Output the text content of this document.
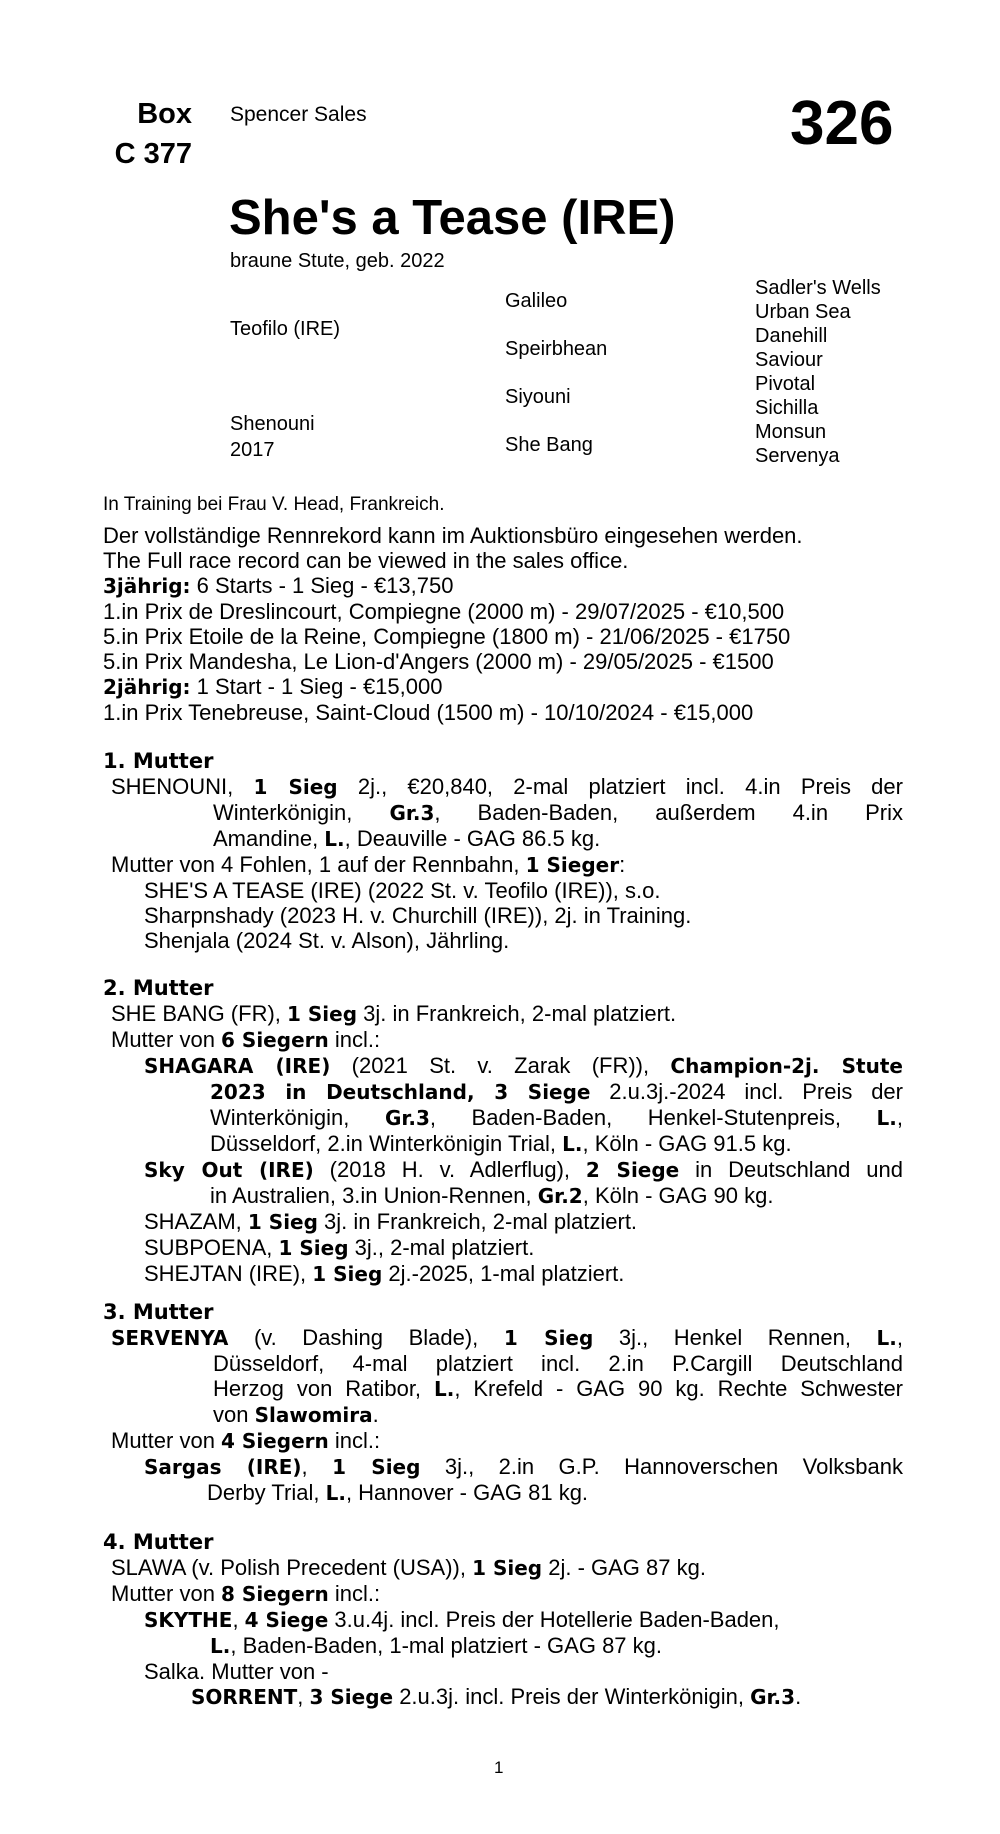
Box
C 377
Spencer Sales	326
She's a Tease (IRE)
braune Stute, geb. 2022
Teofilo (IRE)
Shenouni
2017
Galileo
Speirbhean
Siyouni
She Bang
Sadler's Wells
Urban Sea
Danehill
Saviour
Pivotal
Sichilla
Monsun
Servenya
In Training bei Frau V. Head, Frankreich.
Der vollständige Rennrekord kann im Auktionsbüro eingesehen werden.
The Full race record can be viewed in the sales office.
3jährig: 6 Starts - 1 Sieg - €13,750
1.in Prix de Dreslincourt, Compiegne (2000 m) - 29/07/2025 - €10,500
5.in Prix Etoile de la Reine, Compiegne (1800 m) - 21/06/2025 - €1750
5.in Prix Mandesha, Le Lion-d'Angers (2000 m) - 29/05/2025 - €1500
2jährig: 1 Start - 1 Sieg - €15,000
1.in Prix Tenebreuse, Saint-Cloud (1500 m) - 10/10/2024 - €15,000
1. Mutter
SHENOUNI, 1 Sieg 2j., €20,840, 2-mal platziert incl. 4.in Preis der
Winterkönigin, Gr.3, Baden-Baden, außerdem 4.in Prix
Amandine, L., Deauville - GAG 86.5 kg.
Mutter von 4 Fohlen, 1 auf der Rennbahn, 1 Sieger:
SHE'S A TEASE (IRE) (2022 St. v. Teofilo (IRE)), s.o.
Sharpnshady (2023 H. v. Churchill (IRE)), 2j. in Training.
Shenjala (2024 St. v. Alson), Jährling.
2. Mutter
SHE BANG (FR), 1 Sieg 3j. in Frankreich, 2-mal platziert.
Mutter von 6 Siegern incl.:
SHAGARA (IRE) (2021 St. v. Zarak (FR)), Champion-2j. Stute
2023 in Deutschland, 3 Siege 2.u.3j.-2024 incl. Preis der
Winterkönigin, Gr.3, Baden-Baden, Henkel-Stutenpreis, L.,
Düsseldorf, 2.in Winterkönigin Trial, L., Köln - GAG 91.5 kg.
Sky Out (IRE) (2018 H. v. Adlerflug), 2 Siege in Deutschland und
in Australien, 3.in Union-Rennen, Gr.2, Köln - GAG 90 kg.
SHAZAM, 1 Sieg 3j. in Frankreich, 2-mal platziert.
SUBPOENA, 1 Sieg 3j., 2-mal platziert.
SHEJTAN (IRE), 1 Sieg 2j.-2025, 1-mal platziert.
3. Mutter
SERVENYA (v. Dashing Blade), 1 Sieg 3j., Henkel Rennen, L.,
Düsseldorf, 4-mal platziert incl. 2.in P.Cargill Deutschland
Herzog von Ratibor, L., Krefeld - GAG 90 kg. Rechte Schwester
von Slawomira.
Mutter von 4 Siegern incl.:
Sargas (IRE), 1 Sieg 3j., 2.in G.P. Hannoverschen Volksbank
Derby Trial, L., Hannover - GAG 81 kg.
4. Mutter
SLAWA (v. Polish Precedent (USA)), 1 Sieg 2j. - GAG 87 kg.
Mutter von 8 Siegern incl.:
SKYTHE, 4 Siege 3.u.4j. incl. Preis der Hotellerie Baden-Baden,
L., Baden-Baden, 1-mal platziert - GAG 87 kg.
Salka. Mutter von -
SORRENT, 3 Siege 2.u.3j. incl. Preis der Winterkönigin, Gr.3.
1
